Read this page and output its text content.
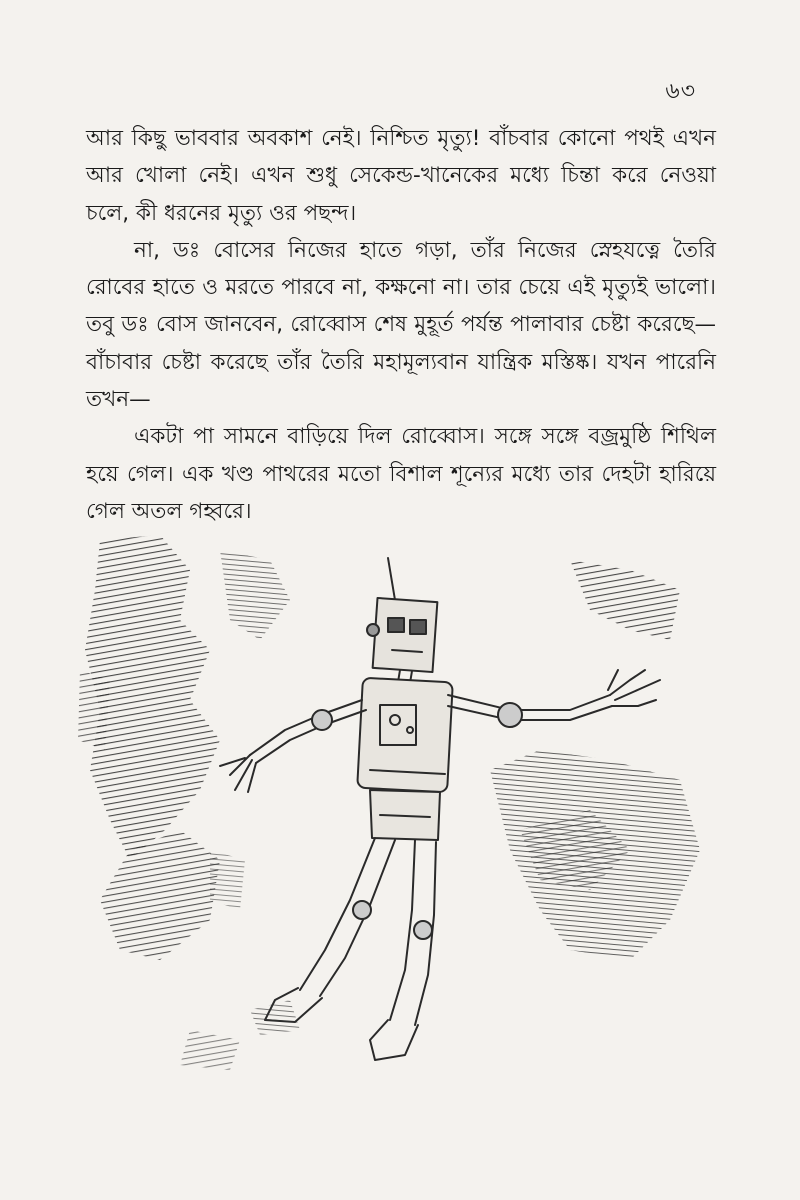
৬৩

আর কিছু ভাববার অবকাশ নেই। নিশ্চিত মৃত্যু! বাঁচবার কোনো পথই এখন আর খোলা নেই। এখন শুধু সেকেন্ড-খানেকের মধ্যে চিন্তা করে নেওয়া চলে, কী ধরনের মৃত্যু ওর পছন্দ।

না, ডঃ বোসের নিজের হাতে গড়া, তাঁর নিজের স্নেহযত্নে তৈরি রোবের হাতে ও মরতে পারবে না, কক্ষনো না। তার চেয়ে এই মৃত্যুই ভালো। তবু ডঃ বোস জানবেন, রোব্বোস শেষ মুহূর্ত পর্যন্ত পালাবার চেষ্টা করেছে— বাঁচাবার চেষ্টা করেছে তাঁর তৈরি মহামূল্যবান যান্ত্রিক মস্তিষ্ক। যখন পারেনি তখন—

একটা পা সামনে বাড়িয়ে দিল রোব্বোস। সঙ্গে সঙ্গে বজ্রমুষ্ঠি শিথিল হয়ে গেল। এক খণ্ড পাথরের মতো বিশাল শূন্যের মধ্যে তার দেহটা হারিয়ে গেল অতল গহ্বরে।
